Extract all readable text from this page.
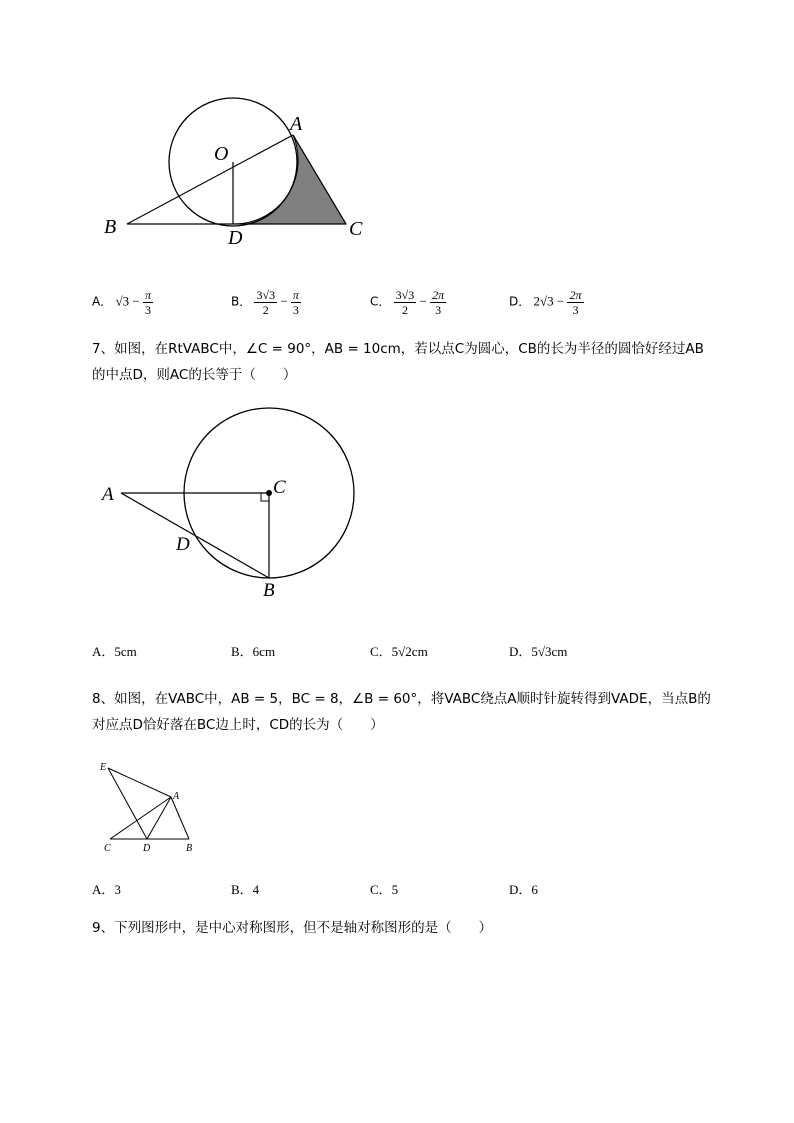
A
O
B	D	C
A． $√3 - \frac{\pi}{3}$	B． $\frac{3√3}{2} - \frac{\pi}{3}$	C． $\frac{3√3}{2} - \frac{2\pi}{3}$	D． $2√3 - \frac{2\pi}{3}$
7、如图，在RtVABC中，∠C = 90°，AB = 10cm，若以点C为圆心，CB的长为半径的圆恰好经过AB
的中点D，则AC的长等于（　　）
A	C
D
B
A．5cm	B．6cm	C．5√2cm	D．5√3cm
8、如图，在VABC中，AB = 5，BC = 8，∠B = 60°，将VABC绕点A顺时针旋转得到VADE，当点B的
对应点D恰好落在BC边上时，CD的长为（　　）
E
A
C	D	B
A．3	B．4	C．5	D．6
9、下列图形中，是中心对称图形，但不是轴对称图形的是（　　）
